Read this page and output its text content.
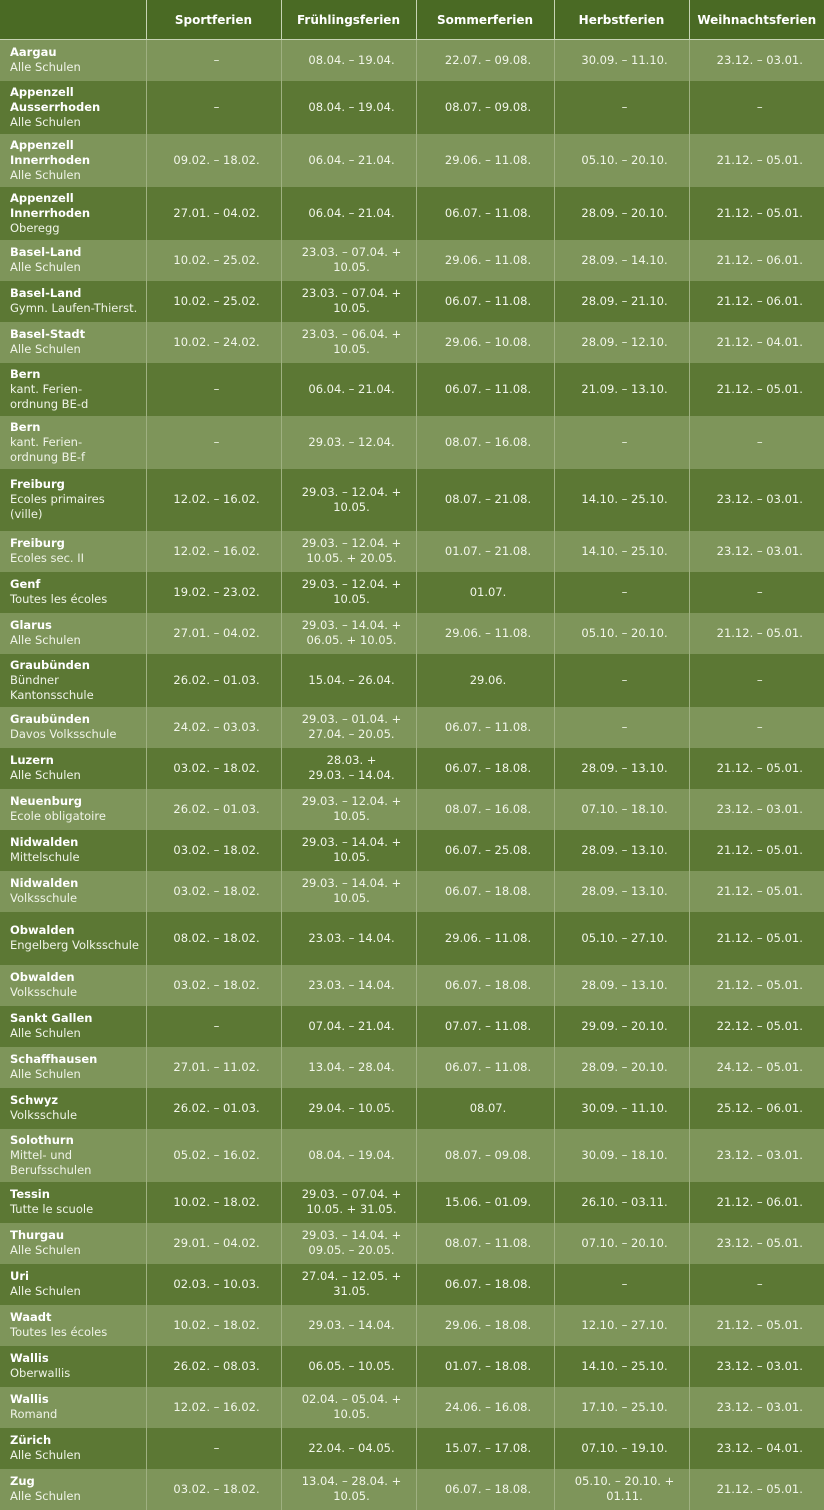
	Sportferien	Frühlingsferien	Sommerferien	Herbstferien	Weihnachtsferien

Aargau
Alle Schulen	–	08.04. – 19.04.	22.07. – 09.08.	30.09. – 11.10.	23.12. – 03.01.

Appenzell
Ausserrhoden
Alle Schulen	–	08.04. – 19.04.	08.07. – 09.08.	–	–

Appenzell
Innerrhoden
Alle Schulen	09.02. – 18.02.	06.04. – 21.04.	29.06. – 11.08.	05.10. – 20.10.	21.12. – 05.01.

Appenzell
Innerrhoden
Oberegg	27.01. – 04.02.	06.04. – 21.04.	06.07. – 11.08.	28.09. – 20.10.	21.12. – 05.01.

Basel-Land
Alle Schulen	10.02. – 25.02.	23.03. – 07.04. +
10.05.	29.06. – 11.08.	28.09. – 14.10.	21.12. – 06.01.

Basel-Land
Gymn. Laufen-Thierst.	10.02. – 25.02.	23.03. – 07.04. +
10.05.	06.07. – 11.08.	28.09. – 21.10.	21.12. – 06.01.

Basel-Stadt
Alle Schulen	10.02. – 24.02.	23.03. – 06.04. +
10.05.	29.06. – 10.08.	28.09. – 12.10.	21.12. – 04.01.

Bern
kant. Ferien-
ordnung BE-d	–	06.04. – 21.04.	06.07. – 11.08.	21.09. – 13.10.	21.12. – 05.01.

Bern
kant. Ferien-
ordnung BE-f	–	29.03. – 12.04.	08.07. – 16.08.	–	–

Freiburg
Ecoles primaires
(ville)	12.02. – 16.02.	29.03. – 12.04. +
10.05.	08.07. – 21.08.	14.10. – 25.10.	23.12. – 03.01.

Freiburg
Ecoles sec. II	12.02. – 16.02.	29.03. – 12.04. +
10.05. + 20.05.	01.07. – 21.08.	14.10. – 25.10.	23.12. – 03.01.

Genf
Toutes les écoles	19.02. – 23.02.	29.03. – 12.04. +
10.05.	01.07.	–	–

Glarus
Alle Schulen	27.01. – 04.02.	29.03. – 14.04. +
06.05. + 10.05.	29.06. – 11.08.	05.10. – 20.10.	21.12. – 05.01.

Graubünden
Bündner
Kantonsschule	26.02. – 01.03.	15.04. – 26.04.	29.06.	–	–

Graubünden
Davos Volksschule	24.02. – 03.03.	29.03. – 01.04. +
27.04. – 20.05.	06.07. – 11.08.	–	–

Luzern
Alle Schulen	03.02. – 18.02.	28.03. +
29.03. – 14.04.	06.07. – 18.08.	28.09. – 13.10.	21.12. – 05.01.

Neuenburg
Ecole obligatoire	26.02. – 01.03.	29.03. – 12.04. +
10.05.	08.07. – 16.08.	07.10. – 18.10.	23.12. – 03.01.

Nidwalden
Mittelschule	03.02. – 18.02.	29.03. – 14.04. +
10.05.	06.07. – 25.08.	28.09. – 13.10.	21.12. – 05.01.

Nidwalden
Volksschule	03.02. – 18.02.	29.03. – 14.04. +
10.05.	06.07. – 18.08.	28.09. – 13.10.	21.12. – 05.01.

Obwalden
Engelberg Volksschule	08.02. – 18.02.	23.03. – 14.04.	29.06. – 11.08.	05.10. – 27.10.	21.12. – 05.01.

Obwalden
Volksschule	03.02. – 18.02.	23.03. – 14.04.	06.07. – 18.08.	28.09. – 13.10.	21.12. – 05.01.

Sankt Gallen
Alle Schulen	–	07.04. – 21.04.	07.07. – 11.08.	29.09. – 20.10.	22.12. – 05.01.

Schaffhausen
Alle Schulen	27.01. – 11.02.	13.04. – 28.04.	06.07. – 11.08.	28.09. – 20.10.	24.12. – 05.01.

Schwyz
Volksschule	26.02. – 01.03.	29.04. – 10.05.	08.07.	30.09. – 11.10.	25.12. – 06.01.

Solothurn
Mittel- und
Berufsschulen	05.02. – 16.02.	08.04. – 19.04.	08.07. – 09.08.	30.09. – 18.10.	23.12. – 03.01.

Tessin
Tutte le scuole	10.02. – 18.02.	29.03. – 07.04. +
10.05. + 31.05.	15.06. – 01.09.	26.10. – 03.11.	21.12. – 06.01.

Thurgau
Alle Schulen	29.01. – 04.02.	29.03. – 14.04. +
09.05. – 20.05.	08.07. – 11.08.	07.10. – 20.10.	23.12. – 05.01.

Uri
Alle Schulen	02.03. – 10.03.	27.04. – 12.05. +
31.05.	06.07. – 18.08.	–	–

Waadt
Toutes les écoles	10.02. – 18.02.	29.03. – 14.04.	29.06. – 18.08.	12.10. – 27.10.	21.12. – 05.01.

Wallis
Oberwallis	26.02. – 08.03.	06.05. – 10.05.	01.07. – 18.08.	14.10. – 25.10.	23.12. – 03.01.

Wallis
Romand	12.02. – 16.02.	02.04. – 05.04. +
10.05.	24.06. – 16.08.	17.10. – 25.10.	23.12. – 03.01.

Zürich
Alle Schulen	–	22.04. – 04.05.	15.07. – 17.08.	07.10. – 19.10.	23.12. – 04.01.

Zug
Alle Schulen	03.02. – 18.02.	13.04. – 28.04. +
10.05.	06.07. – 18.08.	05.10. – 20.10. +
01.11.	21.12. – 05.01.
